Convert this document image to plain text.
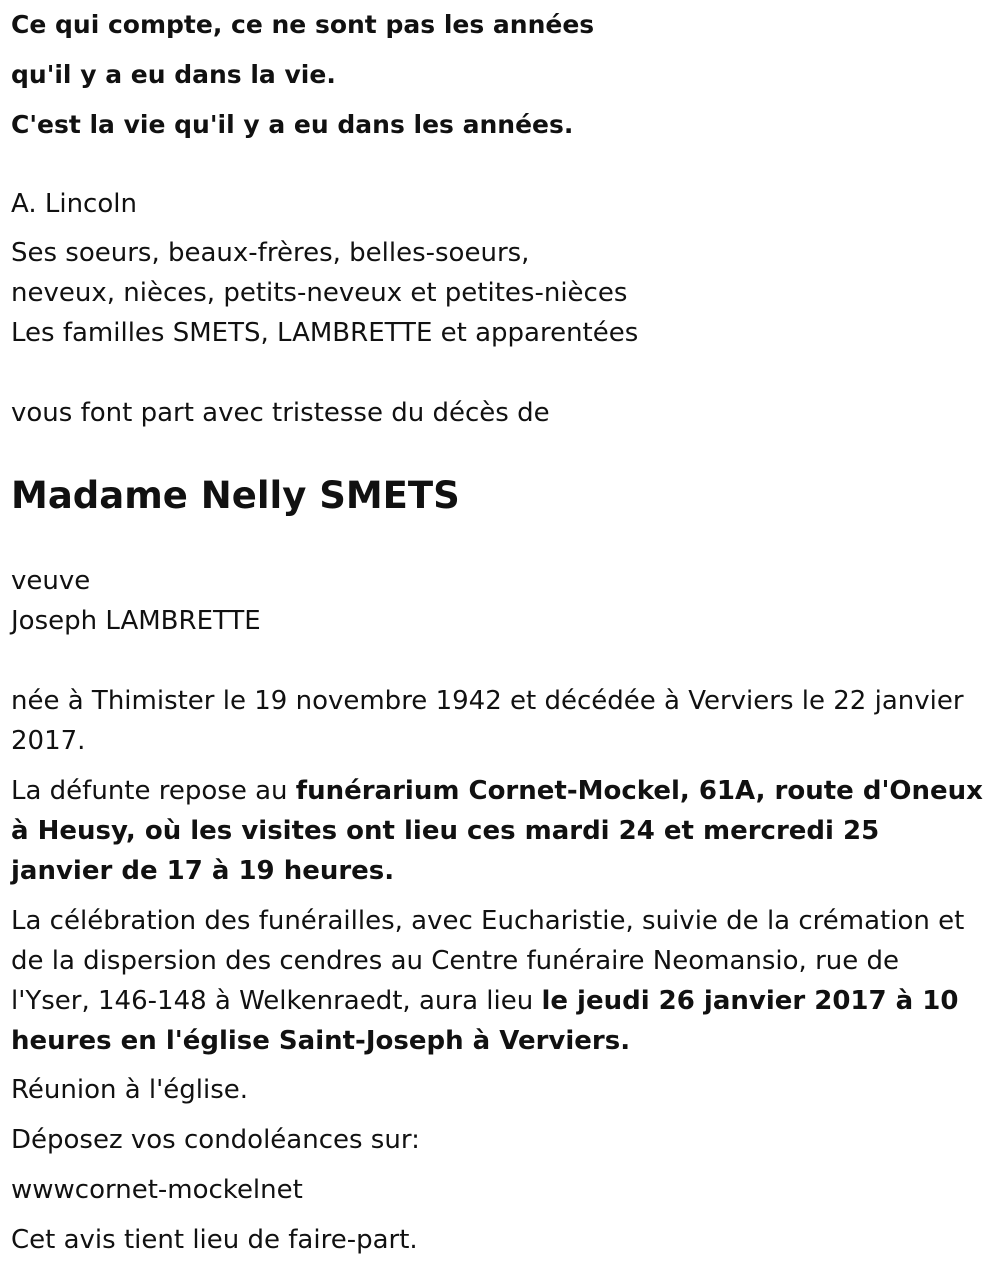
Ce qui compte, ce ne sont pas les années
qu'il y a eu dans la vie.
C'est la vie qu'il y a eu dans les années.
A. Lincoln
Ses soeurs, beaux-frères, belles-soeurs,
neveux, nièces, petits-neveux et petites-nièces
Les familles SMETS, LAMBRETTE et apparentées
vous font part avec tristesse du décès de
Madame Nelly SMETS
veuve
Joseph LAMBRETTE
née à Thimister le 19 novembre 1942 et décédée à Verviers le 22 janvier 2017.
La défunte repose au funérarium Cornet-Mockel, 61A, route d'Oneux à Heusy, où les visites ont lieu ces mardi 24 et mercredi 25 janvier de 17 à 19 heures.
La célébration des funérailles, avec Eucharistie, suivie de la crémation et de la dispersion des cendres au Centre funéraire Neomansio, rue de l'Yser, 146-148 à Welkenraedt, aura lieu le jeudi 26 janvier 2017 à 10 heures en l'église Saint-Joseph à Verviers.
Réunion à l'église.
Déposez vos condoléances sur:
wwwcornet-mockelnet
Cet avis tient lieu de faire-part.
